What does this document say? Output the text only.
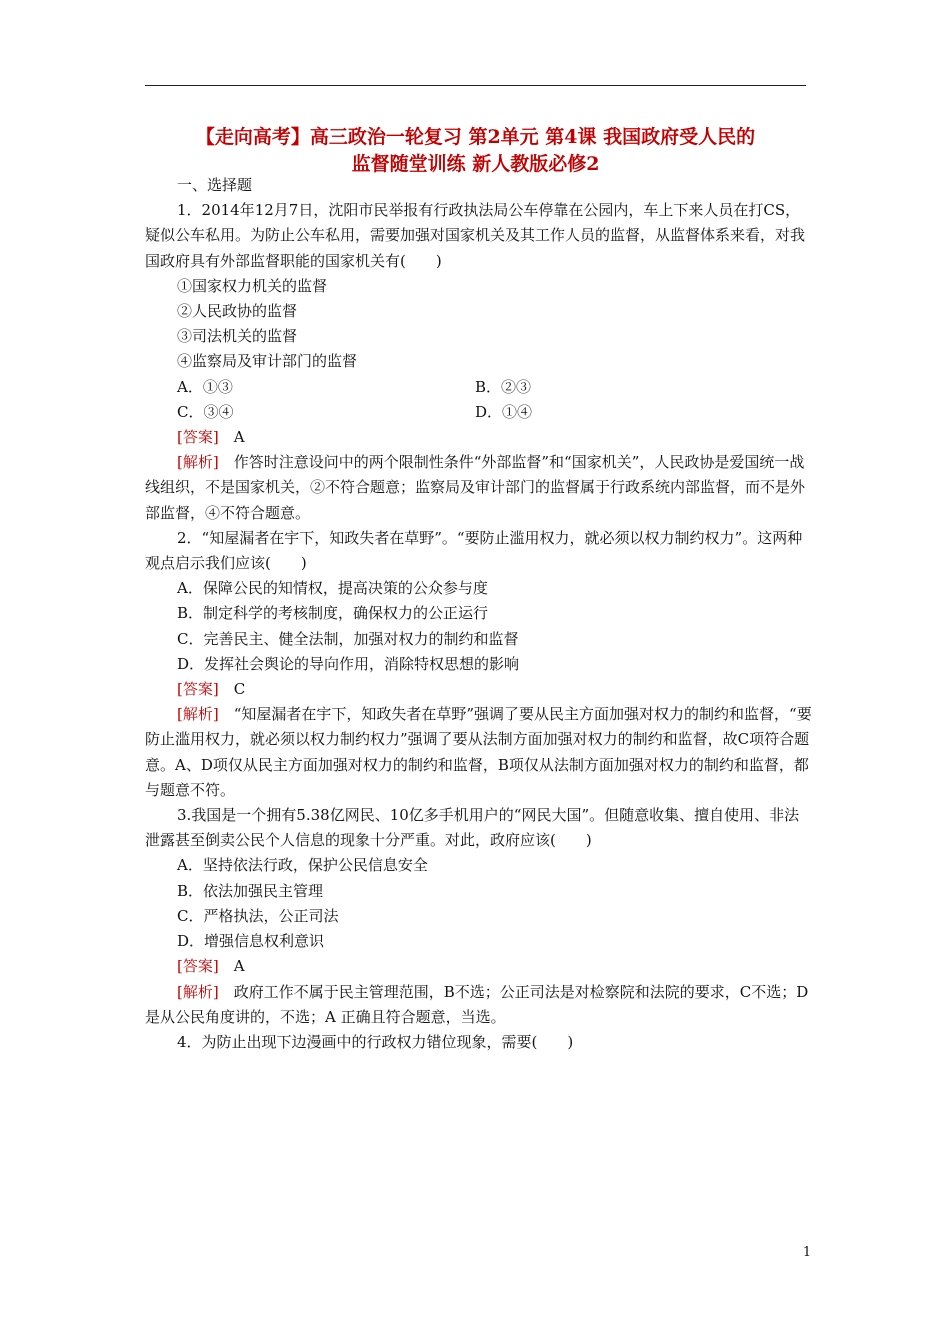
【走向高考】高三政治一轮复习 第2单元 第4课 我国政府受人民的
监督随堂训练 新人教版必修2

一、选择题

1．2014年12月7日，沈阳市民举报有行政执法局公车停靠在公园内，车上下来人员在打CS，疑似公车私用。为防止公车私用，需要加强对国家机关及其工作人员的监督，从监督体系来看，对我国政府具有外部监督职能的国家机关有(　　)

①国家权力机关的监督

②人民政协的监督

③司法机关的监督

④监察局及审计部门的监督

A．①③	B．②③
C．③④	D．①④

[答案]　A

[解析]　作答时注意设问中的两个限制性条件“外部监督”和“国家机关”，人民政协是爱国统一战线组织，不是国家机关，②不符合题意；监察局及审计部门的监督属于行政系统内部监督，而不是外部监督，④不符合题意。

2．“知屋漏者在宇下，知政失者在草野”。“要防止滥用权力，就必须以权力制约权力”。这两种观点启示我们应该(　　)

A．保障公民的知情权，提高决策的公众参与度

B．制定科学的考核制度，确保权力的公正运行

C．完善民主、健全法制，加强对权力的制约和监督

D．发挥社会舆论的导向作用，消除特权思想的影响

[答案]　C

[解析]　“知屋漏者在宇下，知政失者在草野”强调了要从民主方面加强对权力的制约和监督，“要防止滥用权力，就必须以权力制约权力”强调了要从法制方面加强对权力的制约和监督，故C项符合题意。A、D项仅从民主方面加强对权力的制约和监督，B项仅从法制方面加强对权力的制约和监督，都与题意不符。

3.我国是一个拥有5.38亿网民、10亿多手机用户的“网民大国”。但随意收集、擅自使用、非法泄露甚至倒卖公民个人信息的现象十分严重。对此，政府应该(　　)

A．坚持依法行政，保护公民信息安全

B．依法加强民主管理

C．严格执法，公正司法

D．增强信息权利意识

[答案]　A

[解析]　政府工作不属于民主管理范围，B不选；公正司法是对检察院和法院的要求，C不选；D是从公民角度讲的，不选；A 正确且符合题意，当选。

4．为防止出现下边漫画中的行政权力错位现象，需要(　　)

1
